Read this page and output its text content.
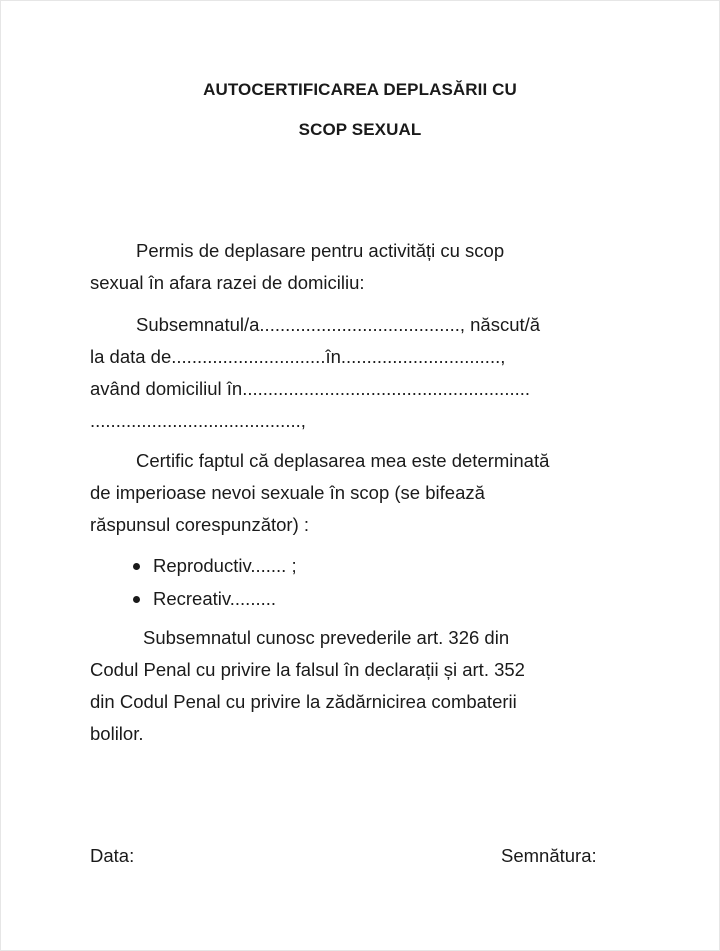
AUTOCERTIFICAREA DEPLASĂRII CU
SCOP SEXUAL
Permis de deplasare pentru activități cu scop
sexual în afara razei de domiciliu:
Subsemnatul/a......................................., născut/ă
la data de..............................în...............................,
având domiciliul în........................................................
.........................................,
Certific faptul că deplasarea mea este determinată
de imperioase nevoi sexuale în scop (se bifează
răspunsul corespunzător) :
Reproductiv....... ;
Recreativ.........
Subsemnatul cunosc prevederile art. 326 din
Codul Penal cu privire la falsul în declarații și art. 352
din Codul Penal cu privire la zădărnicirea combaterii
bolilor.
Data:	Semnătura:
